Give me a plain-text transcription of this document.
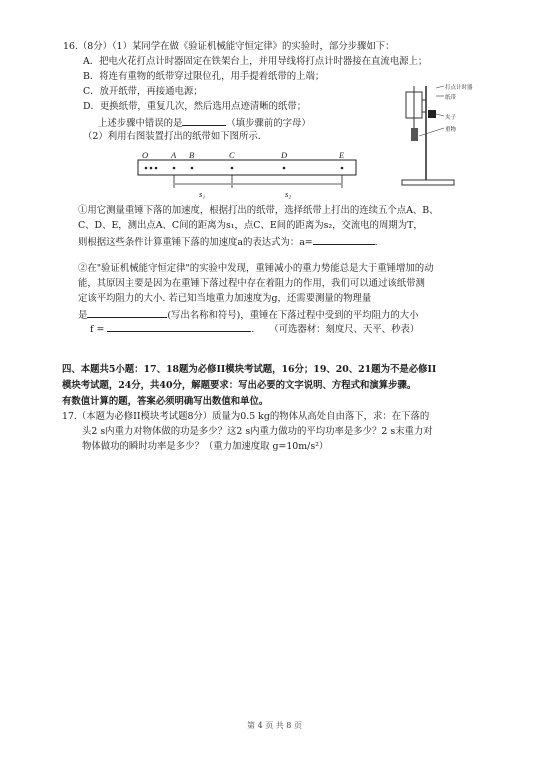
16.（8分）（1）某同学在做《验证机械能守恒定律》的实验时，部分步骤如下：
A．把电火花打点计时器固定在铁架台上，并用导线将打点计时器接在直流电源上；
B．将连有重物的纸带穿过限位孔，用手提着纸带的上端；
C．放开纸带，再接通电源；
D．更换纸带，重复几次，然后选用点迹清晰的纸带；
上述步骤中错误的是	（填步骤前的字母）
（2）利用右图装置打出的纸带如下图所示.
打点计时器
纸带
夹子
重物
O	A B	C	D	E
s₁	s₂
①用它测量重锤下落的加速度，根据打出的纸带，选择纸带上打出的连续五个点A、B、
C、D、E，测出点A、C间的距离为s₁，点C、E间的距离为s₂，交流电的周期为T，
则根据这些条件计算重锤下落的加速度a的表达式为：a=	.
②在"验证机械能守恒定律"的实验中发现，重锤减小的重力势能总是大于重锤增加的动
能，其原因主要是因为在重锤下落过程中存在着阻力的作用，我们可以通过该纸带测
定该平均阻力的大小. 若已知当地重力加速度为g，还需要测量的物理量
是	(写出名称和符号)，重锤在下落过程中受到的平均阻力的大小
f =	. （可选器材：刻度尺、天平、秒表）
四、本题共5小题：17、18题为必修II模块考试题，16分；19、20、21题为不是必修II
模块考试题，24分，共40分，解题要求：写出必要的文字说明、方程式和演算步骤。
有数值计算的题，答案必须明确写出数值和单位。
17.（本题为必修II模块考试题8分）质量为0.5 kg的物体从高处自由落下，求：在下落的
头2 s内重力对物体做的功是多少？这2 s内重力做功的平均功率是多少？2 s末重力对
物体做功的瞬时功率是多少？（重力加速度取 g=10m/s²）
第 4 页 共 8 页
